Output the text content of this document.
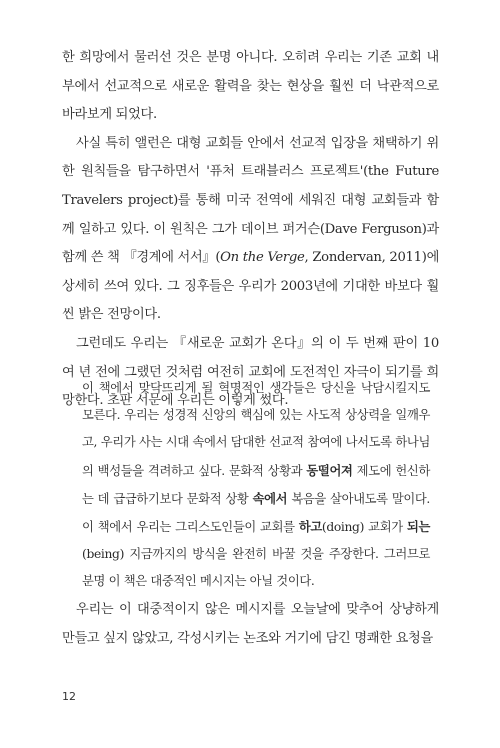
한 희망에서 물러선 것은 분명 아니다. 오히려 우리는 기존 교회 내부에서 선교적으로 새로운 활력을 찾는 현상을 훨씬 더 낙관적으로 바라보게 되었다.

사실 특히 앨런은 대형 교회들 안에서 선교적 입장을 채택하기 위한 원칙들을 탐구하면서 '퓨처 트래블러스 프로젝트'(the Future Travelers project)를 통해 미국 전역에 세워진 대형 교회들과 함께 일하고 있다. 이 원칙은 그가 데이브 퍼거슨(Dave Ferguson)과 함께 쓴 책 『경계에 서서』(On the Verge, Zondervan, 2011)에 상세히 쓰여 있다. 그 징후들은 우리가 2003년에 기대한 바보다 훨씬 밝은 전망이다.

그런데도 우리는 『새로운 교회가 온다』의 이 두 번째 판이 10여 년 전에 그랬던 것처럼 여전히 교회에 도전적인 자극이 되기를 희망한다. 초판 서문에 우리는 이렇게 썼다.

이 책에서 맞닥뜨리게 될 혁명적인 생각들은 당신을 낙담시킬지도 모른다. 우리는 성경적 신앙의 핵심에 있는 사도적 상상력을 일깨우고, 우리가 사는 시대 속에서 담대한 선교적 참여에 나서도록 하나님의 백성들을 격려하고 싶다. 문화적 상황과 동떨어져 제도에 헌신하는 데 급급하기보다 문화적 상황 속에서 복음을 살아내도록 말이다. 이 책에서 우리는 그리스도인들이 교회를 하고(doing) 교회가 되는(being) 지금까지의 방식을 완전히 바꿀 것을 주장한다. 그러므로 분명 이 책은 대중적인 메시지는 아닐 것이다.

우리는 이 대중적이지 않은 메시지를 오늘날에 맞추어 상냥하게 만들고 싶지 않았고, 각성시키는 논조와 거기에 담긴 명쾌한 요청을

12
